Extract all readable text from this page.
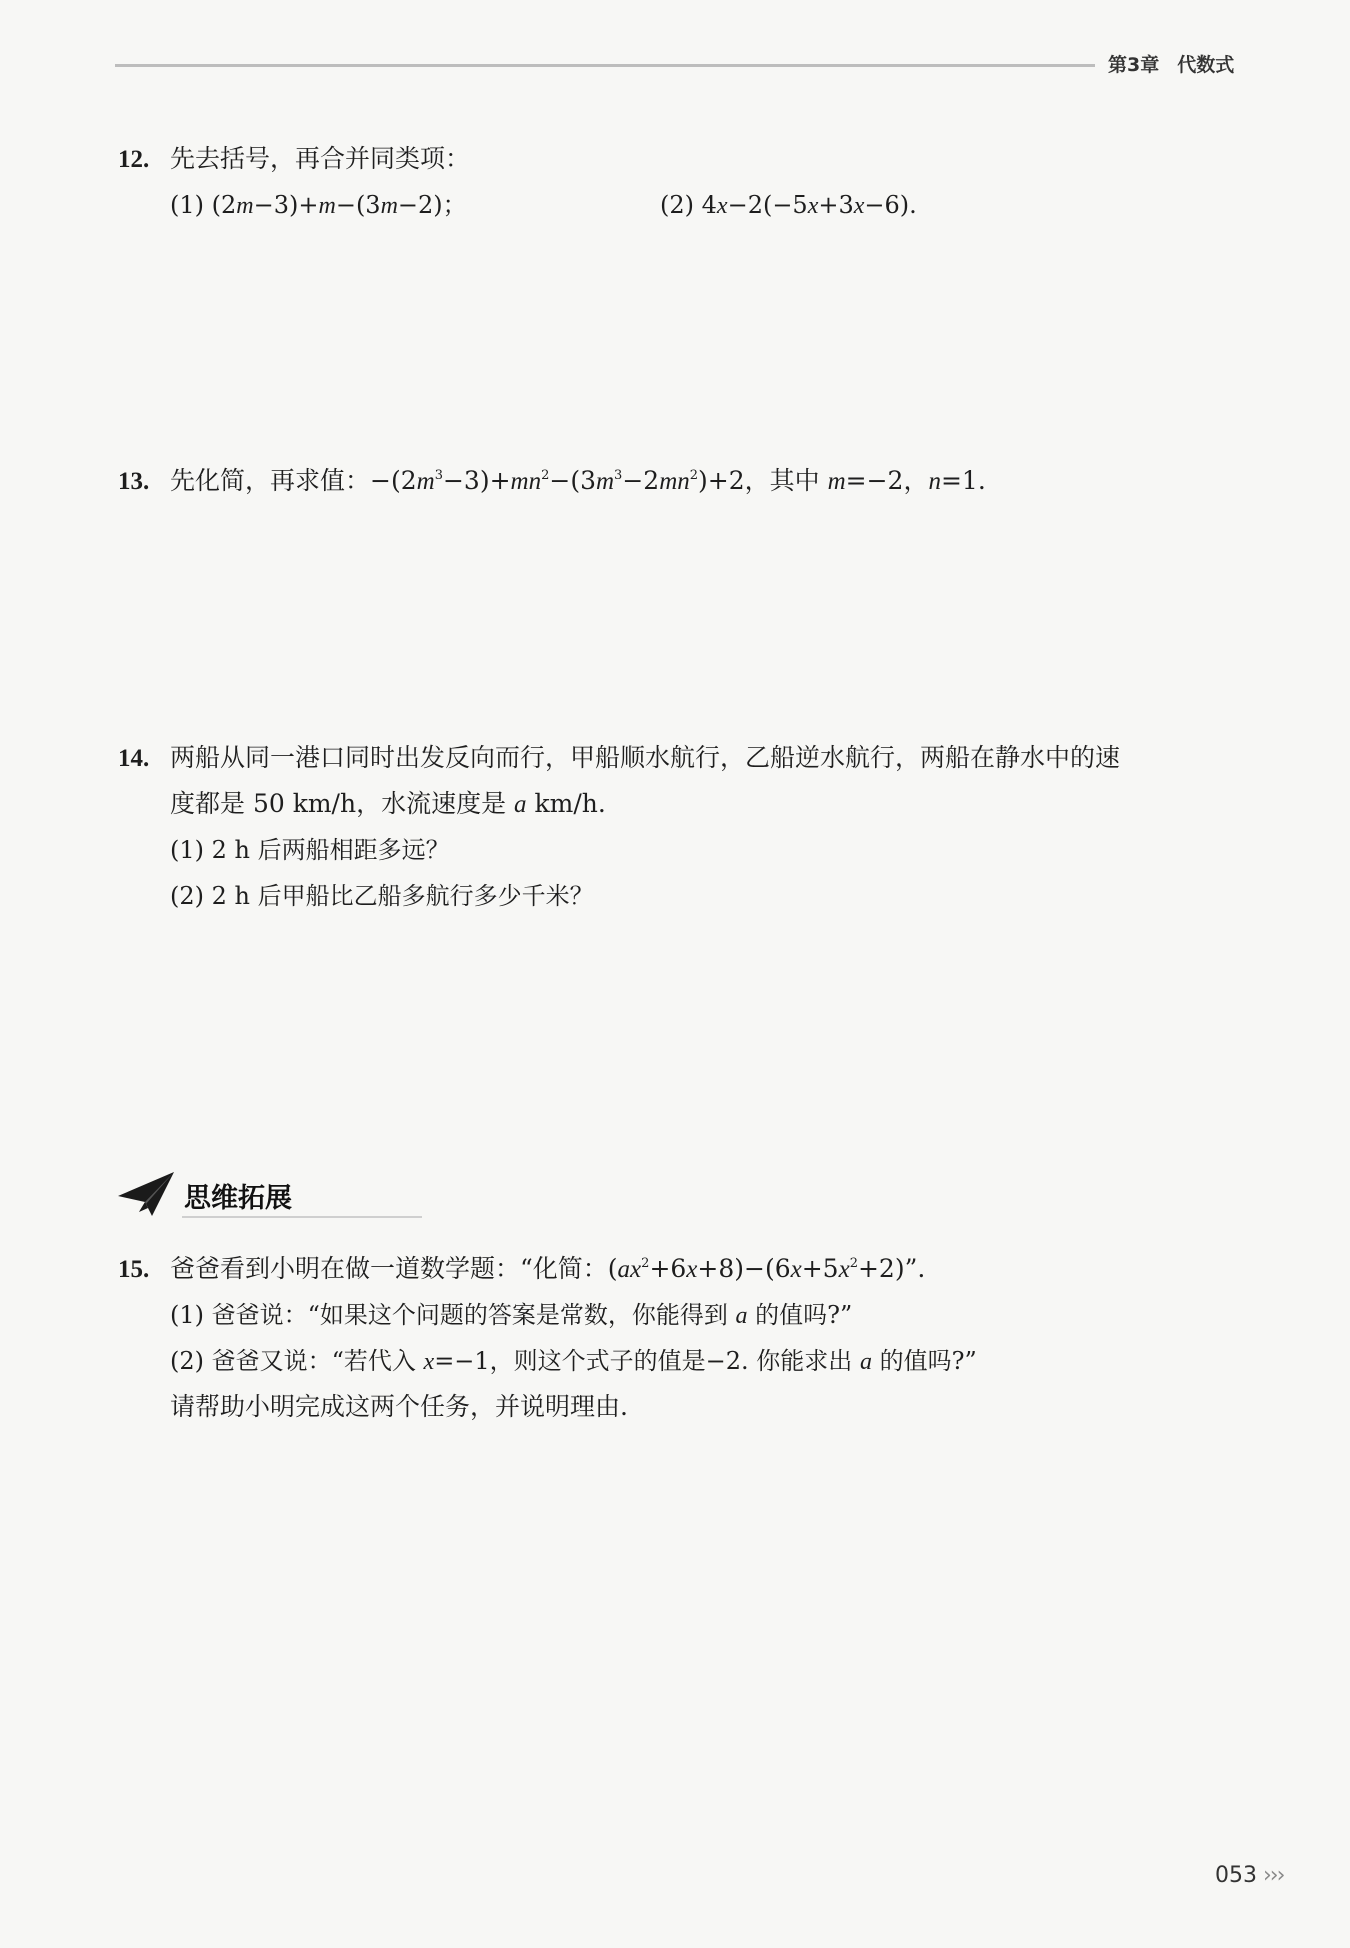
第3章 代数式
12. 先去括号，再合并同类项：
(1) (2m−3)+m−(3m−2)；	(2) 4x−2(−5x+3x−6).
13. 先化简，再求值：$-(2m^3-3)+mn^2-(3m^3-2mn^2)+2$，其中 m=−2，n=1.
14. 两船从同一港口同时出发反向而行，甲船顺水航行，乙船逆水航行，两船在静水中的速
度都是 50 km/h，水流速度是 a km/h.
(1) 2 h 后两船相距多远？
(2) 2 h 后甲船比乙船多航行多少千米？
思维拓展
15. 爸爸看到小明在做一道数学题：“化简：$(ax^2+6x+8)-(6x+5x^2+2)$”.
(1) 爸爸说：“如果这个问题的答案是常数，你能得到 a 的值吗?”
(2) 爸爸又说：“若代入 x=−1，则这个式子的值是−2. 你能求出 a 的值吗?”
请帮助小明完成这两个任务，并说明理由.
053 ›››
